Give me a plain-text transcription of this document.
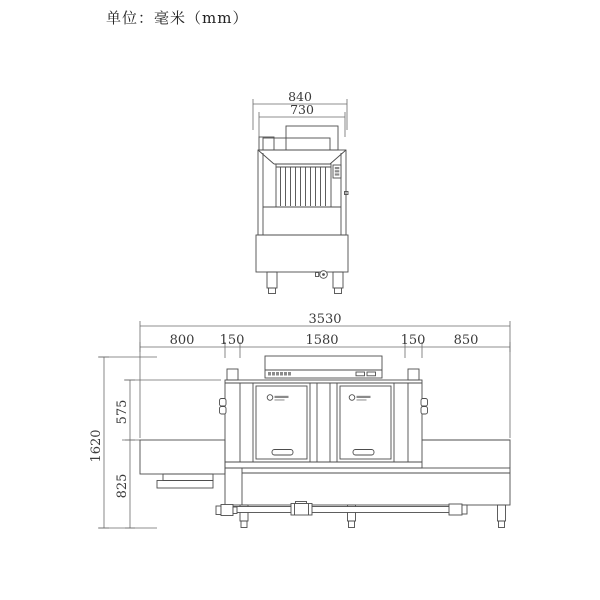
单位：毫米（mm）
840
730
3530
800 150	1580	150 850
1620
575
825
